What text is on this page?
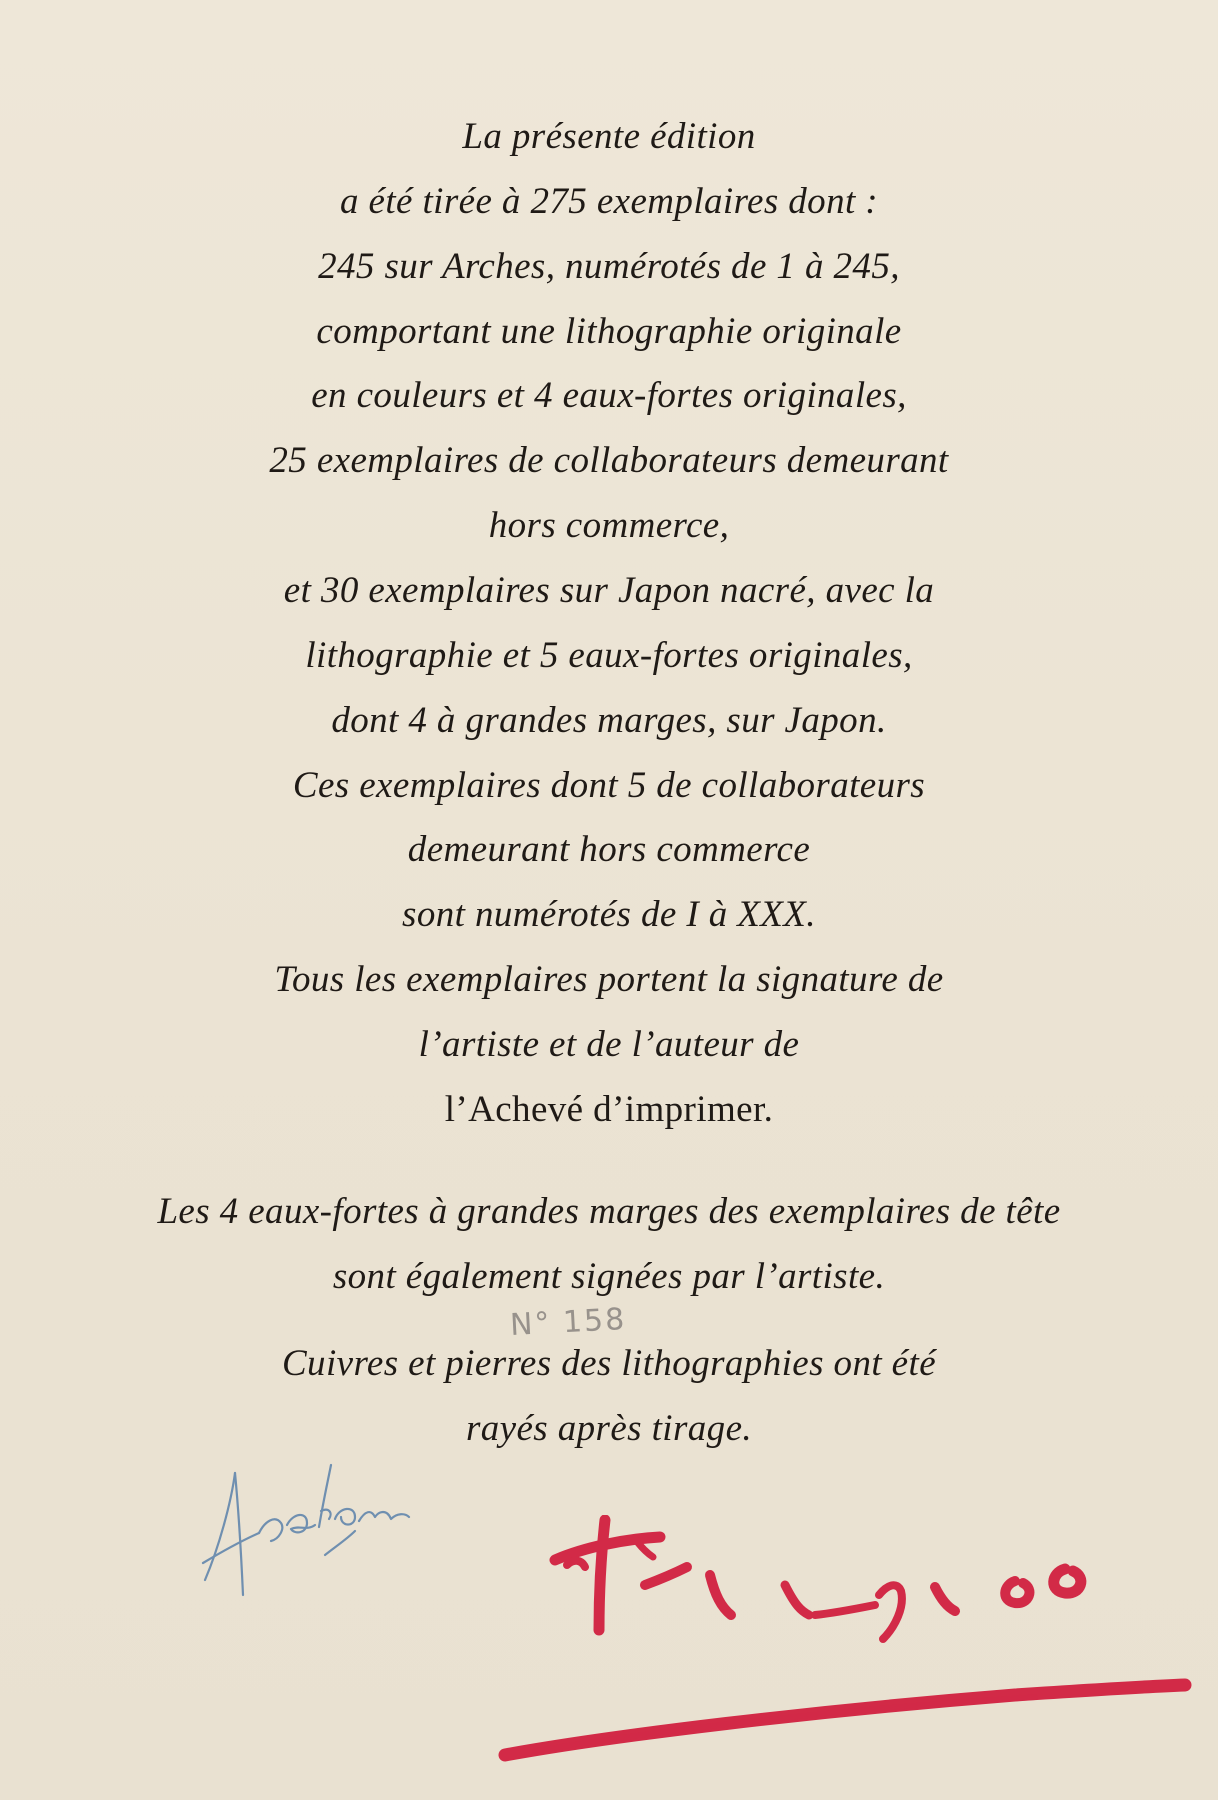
La présente édition
a été tirée à 275 exemplaires dont :
245 sur Arches, numérotés de 1 à 245,
comportant une lithographie originale
en couleurs et 4 eaux-fortes originales,
25 exemplaires de collaborateurs demeurant
hors commerce,
et 30 exemplaires sur Japon nacré, avec la
lithographie et 5 eaux-fortes originales,
dont 4 à grandes marges, sur Japon.
Ces exemplaires dont 5 de collaborateurs
demeurant hors commerce
sont numérotés de I à XXX.
Tous les exemplaires portent la signature de
l’artiste et de l’auteur de
l’Achevé d’imprimer.
Les 4 eaux-fortes à grandes marges des exemplaires de tête
sont également signées par l’artiste.
Cuivres et pierres des lithographies ont été
rayés après tirage.
N° 158
